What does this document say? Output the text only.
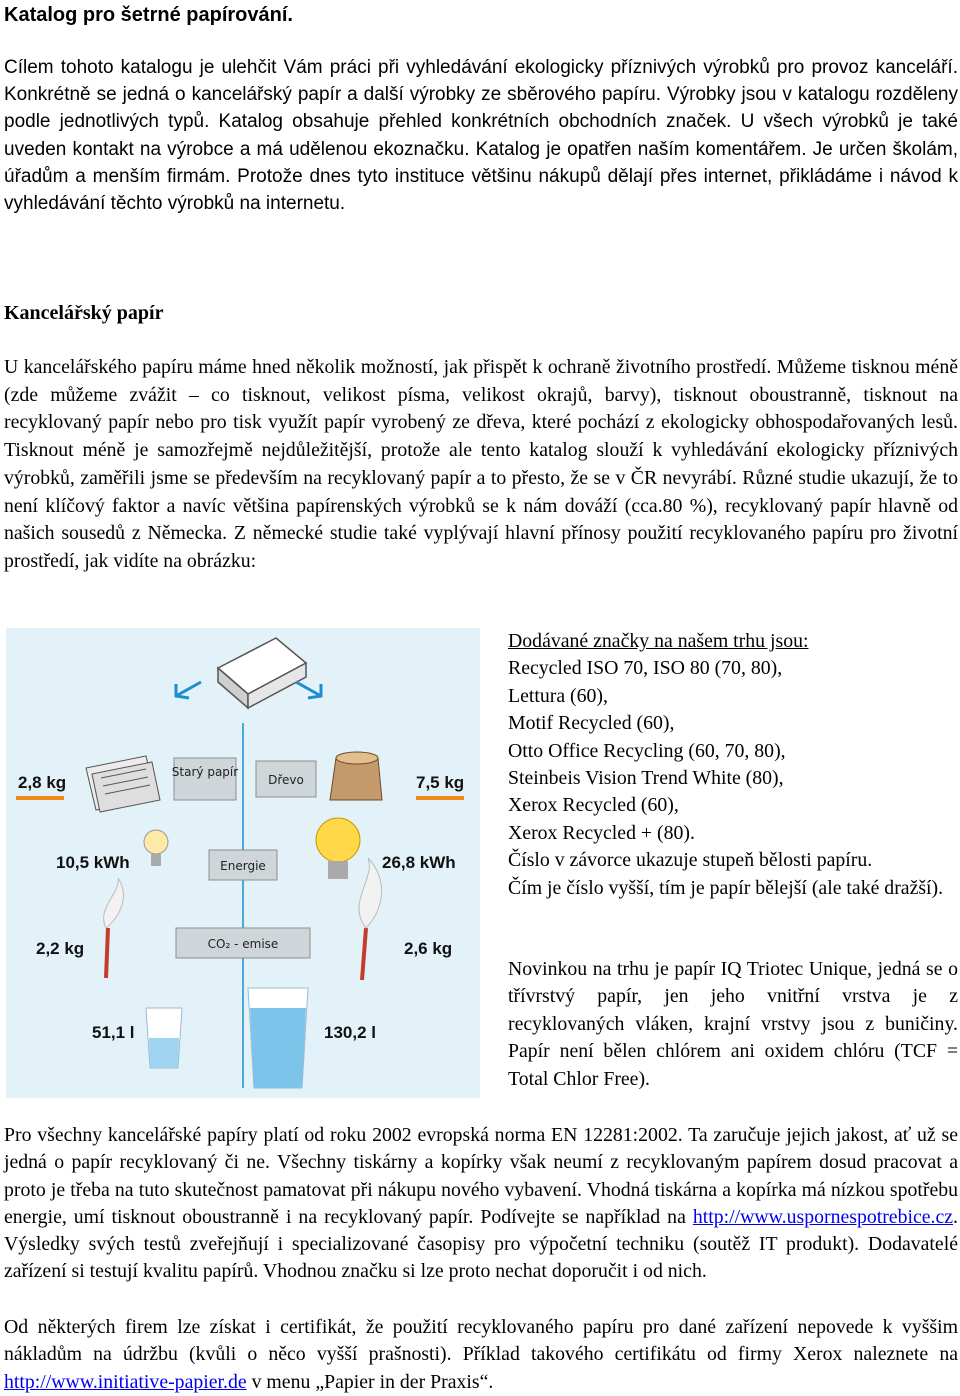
Katalog pro šetrné papírování.

Cílem tohoto katalogu je ulehčit Vám práci při vyhledávání ekologicky příznivých výrobků pro provoz kanceláří. Konkrétně se jedná o kancelářský papír a další výrobky ze sběrového papíru. Výrobky jsou v katalogu rozděleny podle jednotlivých typů. Katalog obsahuje přehled konkrétních obchodních značek. U všech výrobků je také uveden kontakt na výrobce a má udělenou ekoznačku. Katalog je opatřen naším komentářem. Je určen školám, úřadům a menším firmám. Protože dnes tyto instituce většinu nákupů dělají přes internet, přikládáme i návod k vyhledávání těchto výrobků na internetu.

Kancelářský papír

U kancelářského papíru máme hned několik možností, jak přispět k ochraně životního prostředí. Můžeme tisknou méně (zde můžeme zvážit – co tisknout, velikost písma, velikost okrajů, barvy), tisknout oboustranně, tisknout na recyklovaný papír nebo pro tisk využít papír vyrobený ze dřeva, které pochází z ekologicky obhospodařovaných lesů. Tisknout méně je samozřejmě nejdůležitější, protože ale tento katalog slouží k vyhledávání ekologicky příznivých výrobků, zaměřili jsme se především na recyklovaný papír a to přesto, že se v ČR nevyrábí. Různé studie ukazují, že to není klíčový faktor a navíc většina papírenských výrobků se k nám dováží (cca.80 %), recyklovaný papír hlavně od našich sousedů z Německa. Z německé studie také vyplývají hlavní přínosy použití recyklovaného papíru pro životní prostředí, jak vidíte na obrázku:

Starý papír
Dřevo
Energie
CO₂ - emise
2,8 kg	7,5 kg
10,5 kWh	26,8 kWh
2,2 kg	2,6 kg
51,1 l	130,2 l
Dodávané značky na našem trhu jsou:
Recycled ISO 70, ISO 80 (70, 80),
Lettura (60),
Motif Recycled (60),
Otto Office Recycling (60, 70, 80),
Steinbeis Vision Trend White (80),
Xerox Recycled (60),
Xerox Recycled + (80).
Číslo v závorce ukazuje stupeň bělosti papíru.
Čím je číslo vyšší, tím je papír bělejší (ale také dražší).

Novinkou na trhu je papír IQ Triotec Unique, jedná se o třívrstvý papír, jen jeho vnitřní vrstva je z recyklovaných vláken, krajní vrstvy jsou z buničiny. Papír není bělen chlórem ani oxidem chlóru (TCF = Total Chlor Free).

Pro všechny kancelářské papíry platí od roku 2002 evropská norma EN 12281:2002. Ta zaručuje jejich jakost, ať už se jedná o papír recyklovaný či ne. Všechny tiskárny a kopírky však neumí z recyklovaným papírem dosud pracovat a proto je třeba na tuto skutečnost pamatovat při nákupu nového vybavení. Vhodná tiskárna a kopírka má nízkou spotřebu energie, umí tisknout oboustranně i na recyklovaný papír. Podívejte se například na http://www.uspornespotrebice.cz. Výsledky svých testů zveřejňují i specializované časopisy pro výpočetní techniku (soutěž IT produkt). Dodavatelé zařízení si testují kvalitu papírů. Vhodnou značku si lze proto nechat doporučit i od nich.

Od některých firem lze získat i certifikát, že použití recyklovaného papíru pro dané zařízení nepovede k vyššim nákladům na údržbu (kvůli o něco vyšší prašnosti). Příklad takového certifikátu od firmy Xerox naleznete na http://www.initiative-papier.de v menu „Papier in der Praxis“.
